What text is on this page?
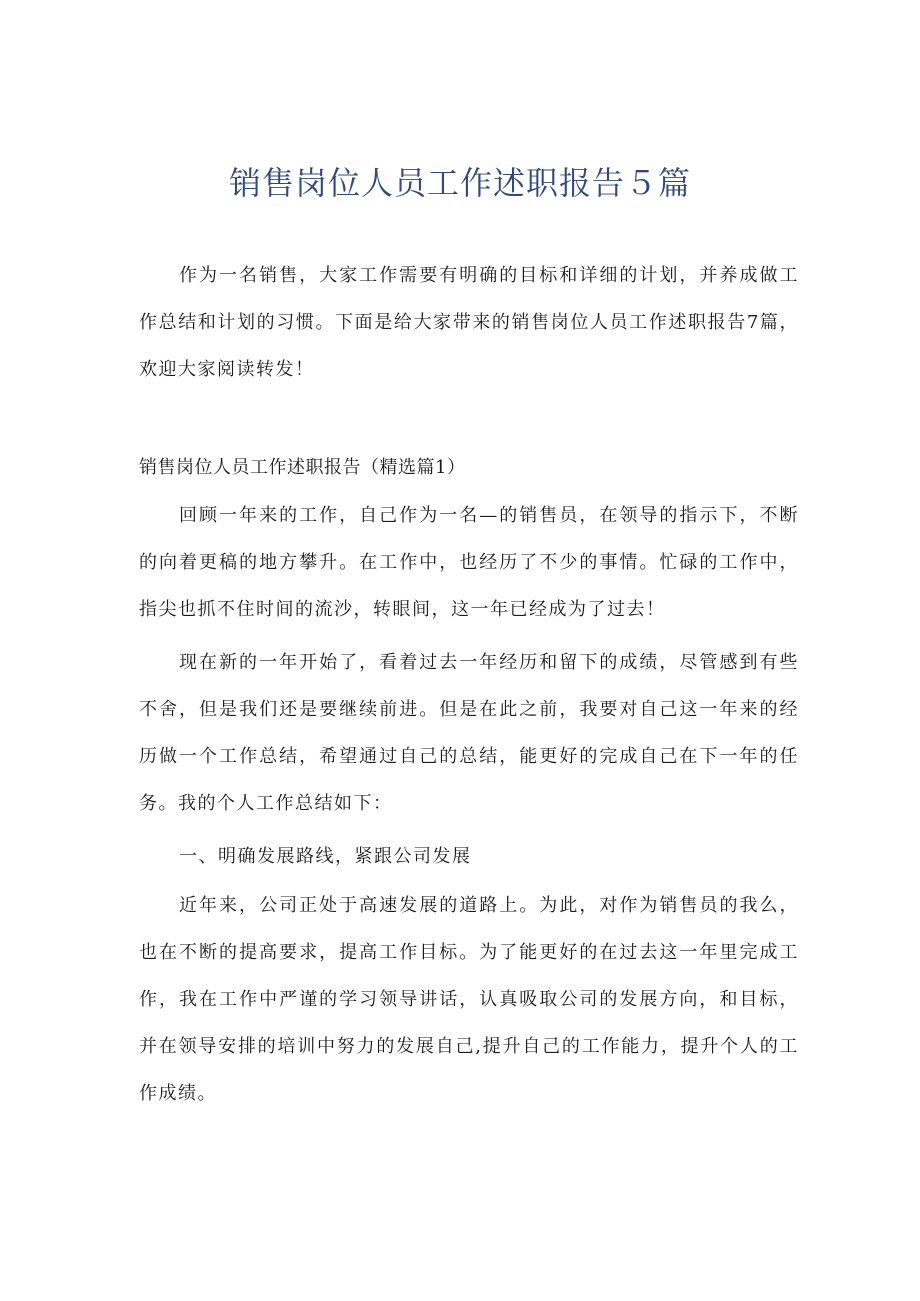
销售岗位人员工作述职报告５篇

作为一名销售，大家工作需要有明确的目标和详细的计划，并养成做工作总结和计划的习惯。下面是给大家带来的销售岗位人员工作述职报告7篇，欢迎大家阅读转发！

销售岗位人员工作述职报告（精选篇1）

回顾一年来的工作，自己作为一名—的销售员，在领导的指示下，不断的向着更稿的地方攀升。在工作中，也经历了不少的事情。忙碌的工作中，指尖也抓不住时间的流沙，转眼间，这一年已经成为了过去！

现在新的一年开始了，看着过去一年经历和留下的成绩，尽管感到有些不舍，但是我们还是要继续前进。但是在此之前，我要对自己这一年来的经历做一个工作总结，希望通过自己的总结，能更好的完成自己在下一年的任务。我的个人工作总结如下：

一、明确发展路线，紧跟公司发展

近年来，公司正处于高速发展的道路上。为此，对作为销售员的我么，也在不断的提高要求，提高工作目标。为了能更好的在过去这一年里完成工作，我在工作中严谨的学习领导讲话，认真吸取公司的发展方向，和目标，并在领导安排的培训中努力的发展自己,提升自己的工作能力，提升个人的工作成绩。
